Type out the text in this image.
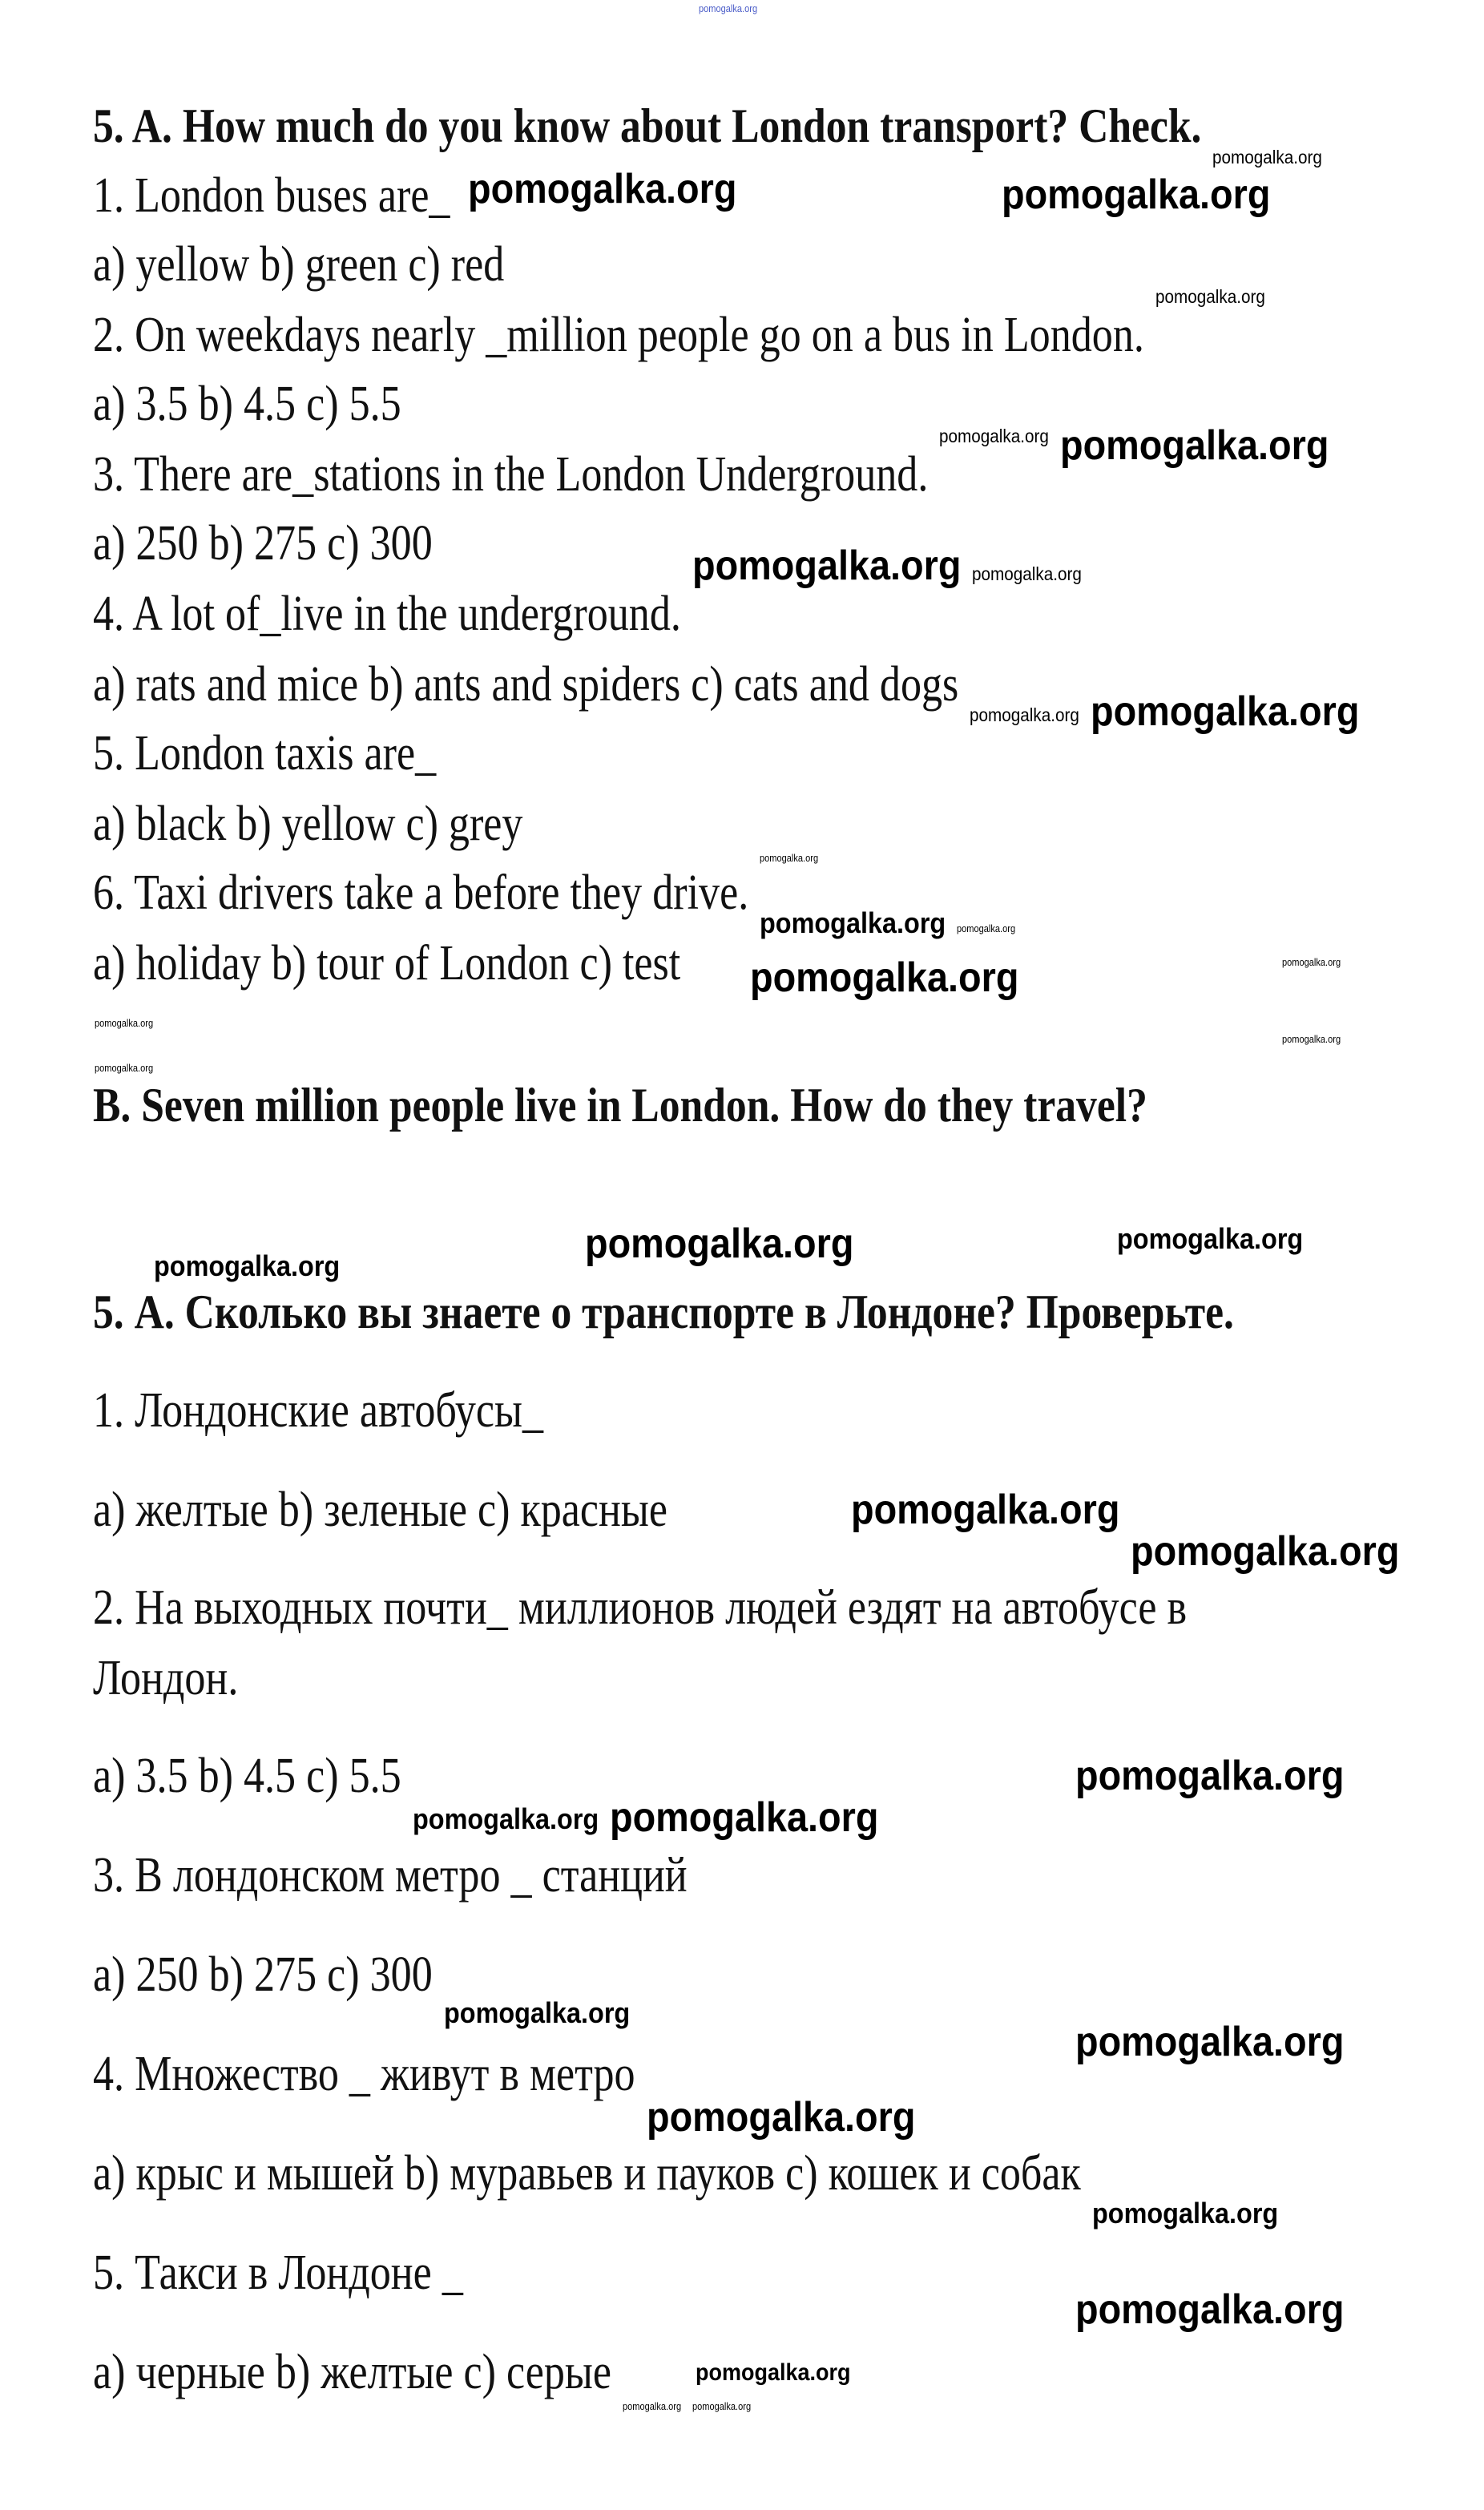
5. A. How much do you know about London transport? Check.
1. London buses are_
a) yellow b) green c) red
2. On weekdays nearly _million people go on a bus in London.
a) 3.5 b) 4.5 c) 5.5
3. There are_stations in the London Underground.
a) 250 b) 275 c) 300
4. A lot of_live in the underground.
a) rats and mice b) ants and spiders c) cats and dogs
5. London taxis are_
a) black b) yellow c) grey
6. Taxi drivers take a before they drive.
a) holiday b) tour of London c) test
B. Seven million people live in London. How do they travel?
5. А. Сколько вы знаете о транспорте в Лондоне? Проверьте.
1. Лондонские автобусы_
а) желтые b) зеленые c) красные
2. На выходных почти_ миллионов людей ездят на автобусе в
Лондон.
a) 3.5 b) 4.5 c) 5.5
3. В лондонском метро _ станций
a) 250 b) 275 c) 300
4. Множество _ живут в метро
а) крыс и мышей b) муравьев и пауков c) кошек и собак
5. Такси в Лондоне _
а) черные b) желтые c) серые
pomogalka.org
pomogalka.org
pomogalka.org	pomogalka.org
pomogalka.org
pomogalka.org pomogalka.org
pomogalka.org pomogalka.org
pomogalka.org pomogalka.org
pomogalka.org
pomogalka.org pomogalka.org
pomogalka.org	pomogalka.org
pomogalka.org
pomogalka.org
pomogalka.org
pomogalka.org	pomogalka.org
pomogalka.org
pomogalka.org
pomogalka.org
pomogalka.org
pomogalka.org pomogalka.org
pomogalka.org
pomogalka.org
pomogalka.org
pomogalka.org
pomogalka.org
pomogalka.org
pomogalka.org pomogalka.org
